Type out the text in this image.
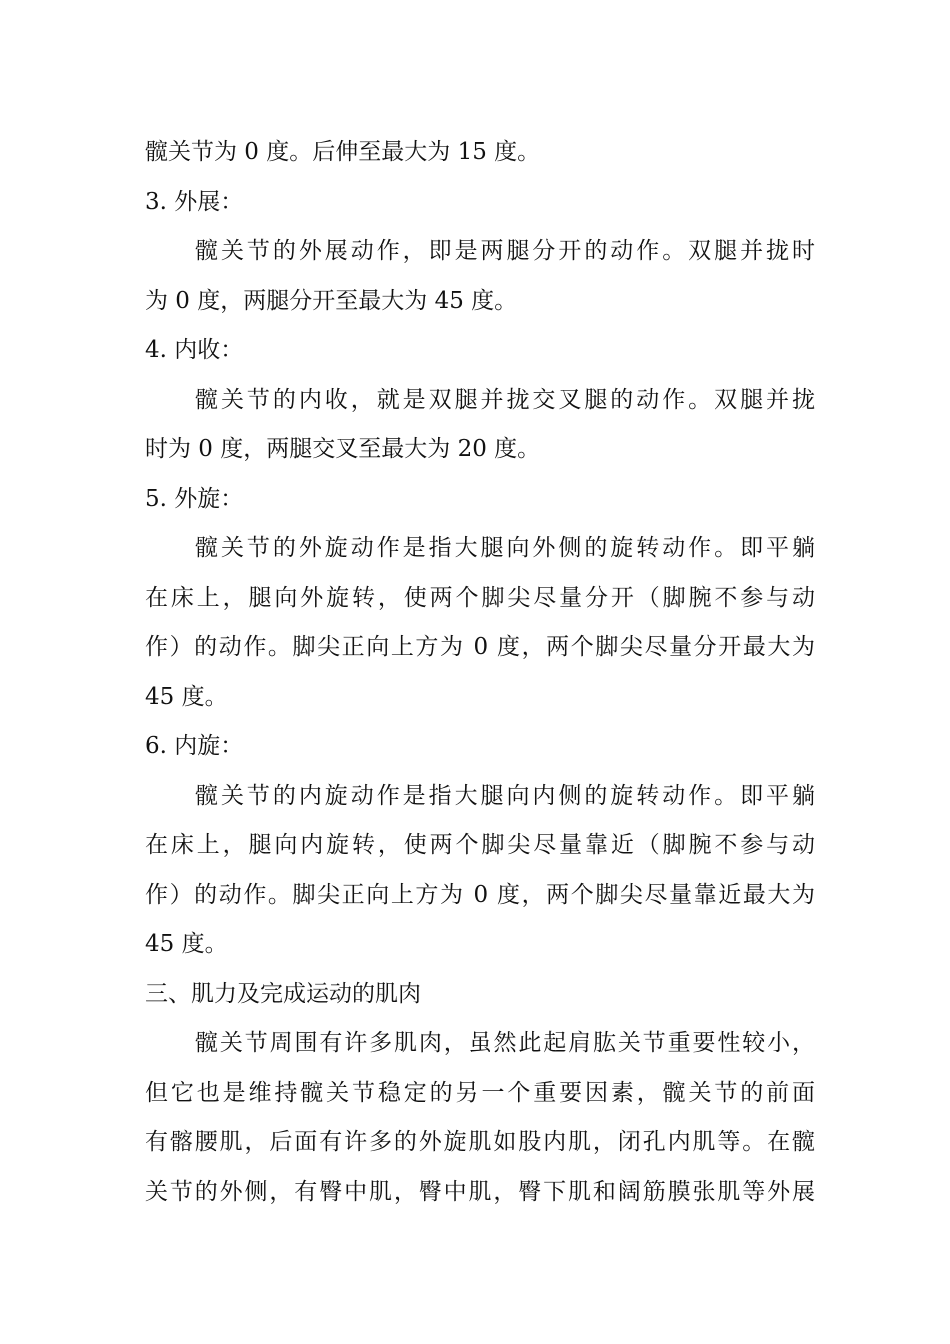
髋关节为 0 度。后伸至最大为 15 度。
3. 外展：
髋关节的外展动作，即是两腿分开的动作。双腿并拢时
为 0 度，两腿分开至最大为 45 度。
4. 内收：
髋关节的内收，就是双腿并拢交叉腿的动作。双腿并拢
时为 0 度，两腿交叉至最大为 20 度。
5. 外旋：
髋关节的外旋动作是指大腿向外侧的旋转动作。即平躺
在床上，腿向外旋转，使两个脚尖尽量分开（脚腕不参与动
作）的动作。脚尖正向上方为 0 度，两个脚尖尽量分开最大为
45 度。
6. 内旋：
髋关节的内旋动作是指大腿向内侧的旋转动作。即平躺
在床上，腿向内旋转，使两个脚尖尽量靠近（脚腕不参与动
作）的动作。脚尖正向上方为 0 度，两个脚尖尽量靠近最大为
45 度。
三、肌力及完成运动的肌肉
髋关节周围有许多肌肉，虽然此起肩肱关节重要性较小，
但它也是维持髋关节稳定的另一个重要因素，髋关节的前面
有髂腰肌，后面有许多的外旋肌如股内肌，闭孔内肌等。在髋
关节的外侧，有臀中肌，臀中肌，臀下肌和阔筋膜张肌等外展
